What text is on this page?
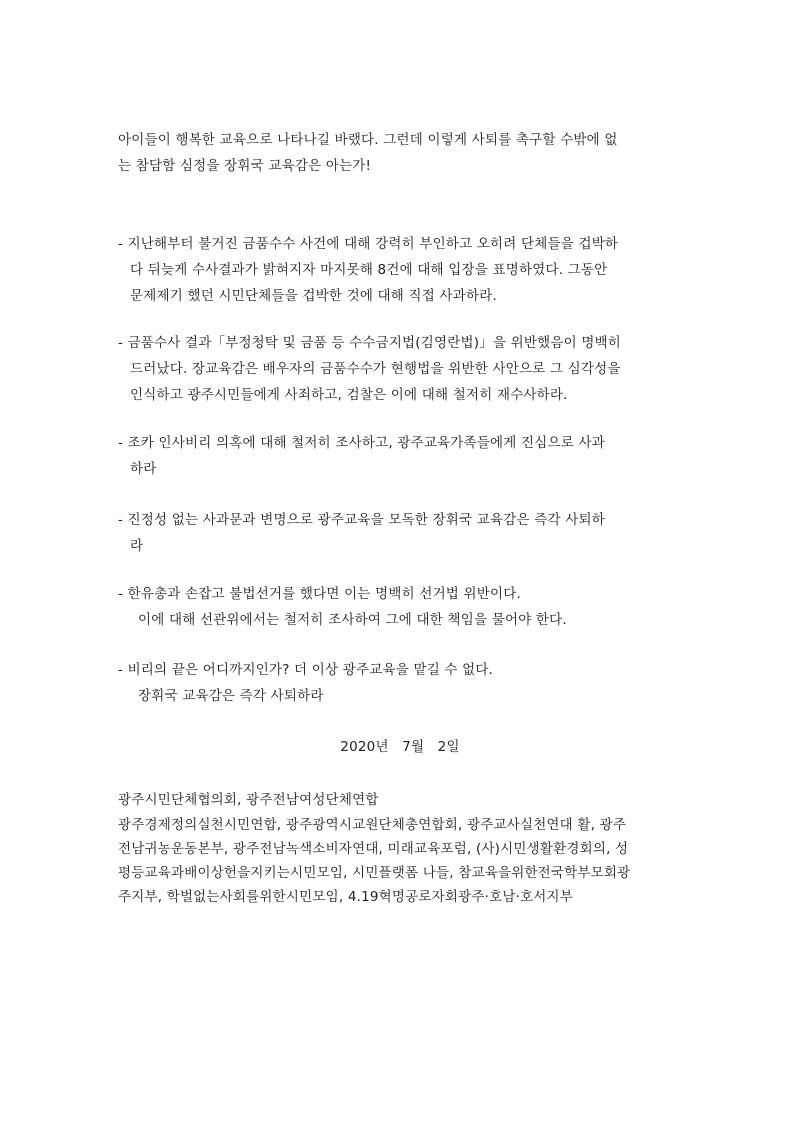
아이들이 행복한 교육으로 나타나길 바랬다. 그런데 이렇게 사퇴를 촉구할 수밖에 없
는 참담함 심정을 장휘국 교육감은 아는가!
- 지난해부터 불거진 금품수수 사건에 대해 강력히 부인하고 오히려 단체들을 겁박하
다 뒤늦게 수사결과가 밝혀지자 마지못해 8건에 대해 입장을 표명하였다. 그동안
문제제기 했던 시민단체들을 겁박한 것에 대해 직접 사과하라.
- 금품수사 결과「부정청탁 및 금품 등 수수금지법(김영란법)」을 위반했음이 명백히
드러났다. 장교육감은 배우자의 금품수수가 현행법을 위반한 사안으로 그 심각성을
인식하고 광주시민들에게 사죄하고, 검찰은 이에 대해 철저히 재수사하라.
- 조카 인사비리 의혹에 대해 철저히 조사하고, 광주교육가족들에게 진심으로 사과
하라
- 진정성 없는 사과문과 변명으로 광주교육을 모독한 장휘국 교육감은 즉각 사퇴하
라
- 한유총과 손잡고 불법선거를 했다면 이는 명백히 선거법 위반이다.
이에 대해 선관위에서는 철저히 조사하여 그에 대한 책임을 물어야 한다.
- 비리의 끝은 어디까지인가? 더 이상 광주교육을 맡길 수 없다.
장휘국 교육감은 즉각 사퇴하라
2020년   7월   2일
광주시민단체협의회, 광주전남여성단체연합
광주경제정의실천시민연합, 광주광역시교원단체총연합회, 광주교사실천연대 활, 광주
전남귀농운동본부, 광주전남녹색소비자연대, 미래교육포럼, (사)시민생활환경회의, 성
평등교육과배이상헌을지키는시민모임, 시민플랫폼 나들, 참교육을위한전국학부모회광
주지부, 학벌없는사회를위한시민모임, 4.19혁명공로자회광주·호남·호서지부
